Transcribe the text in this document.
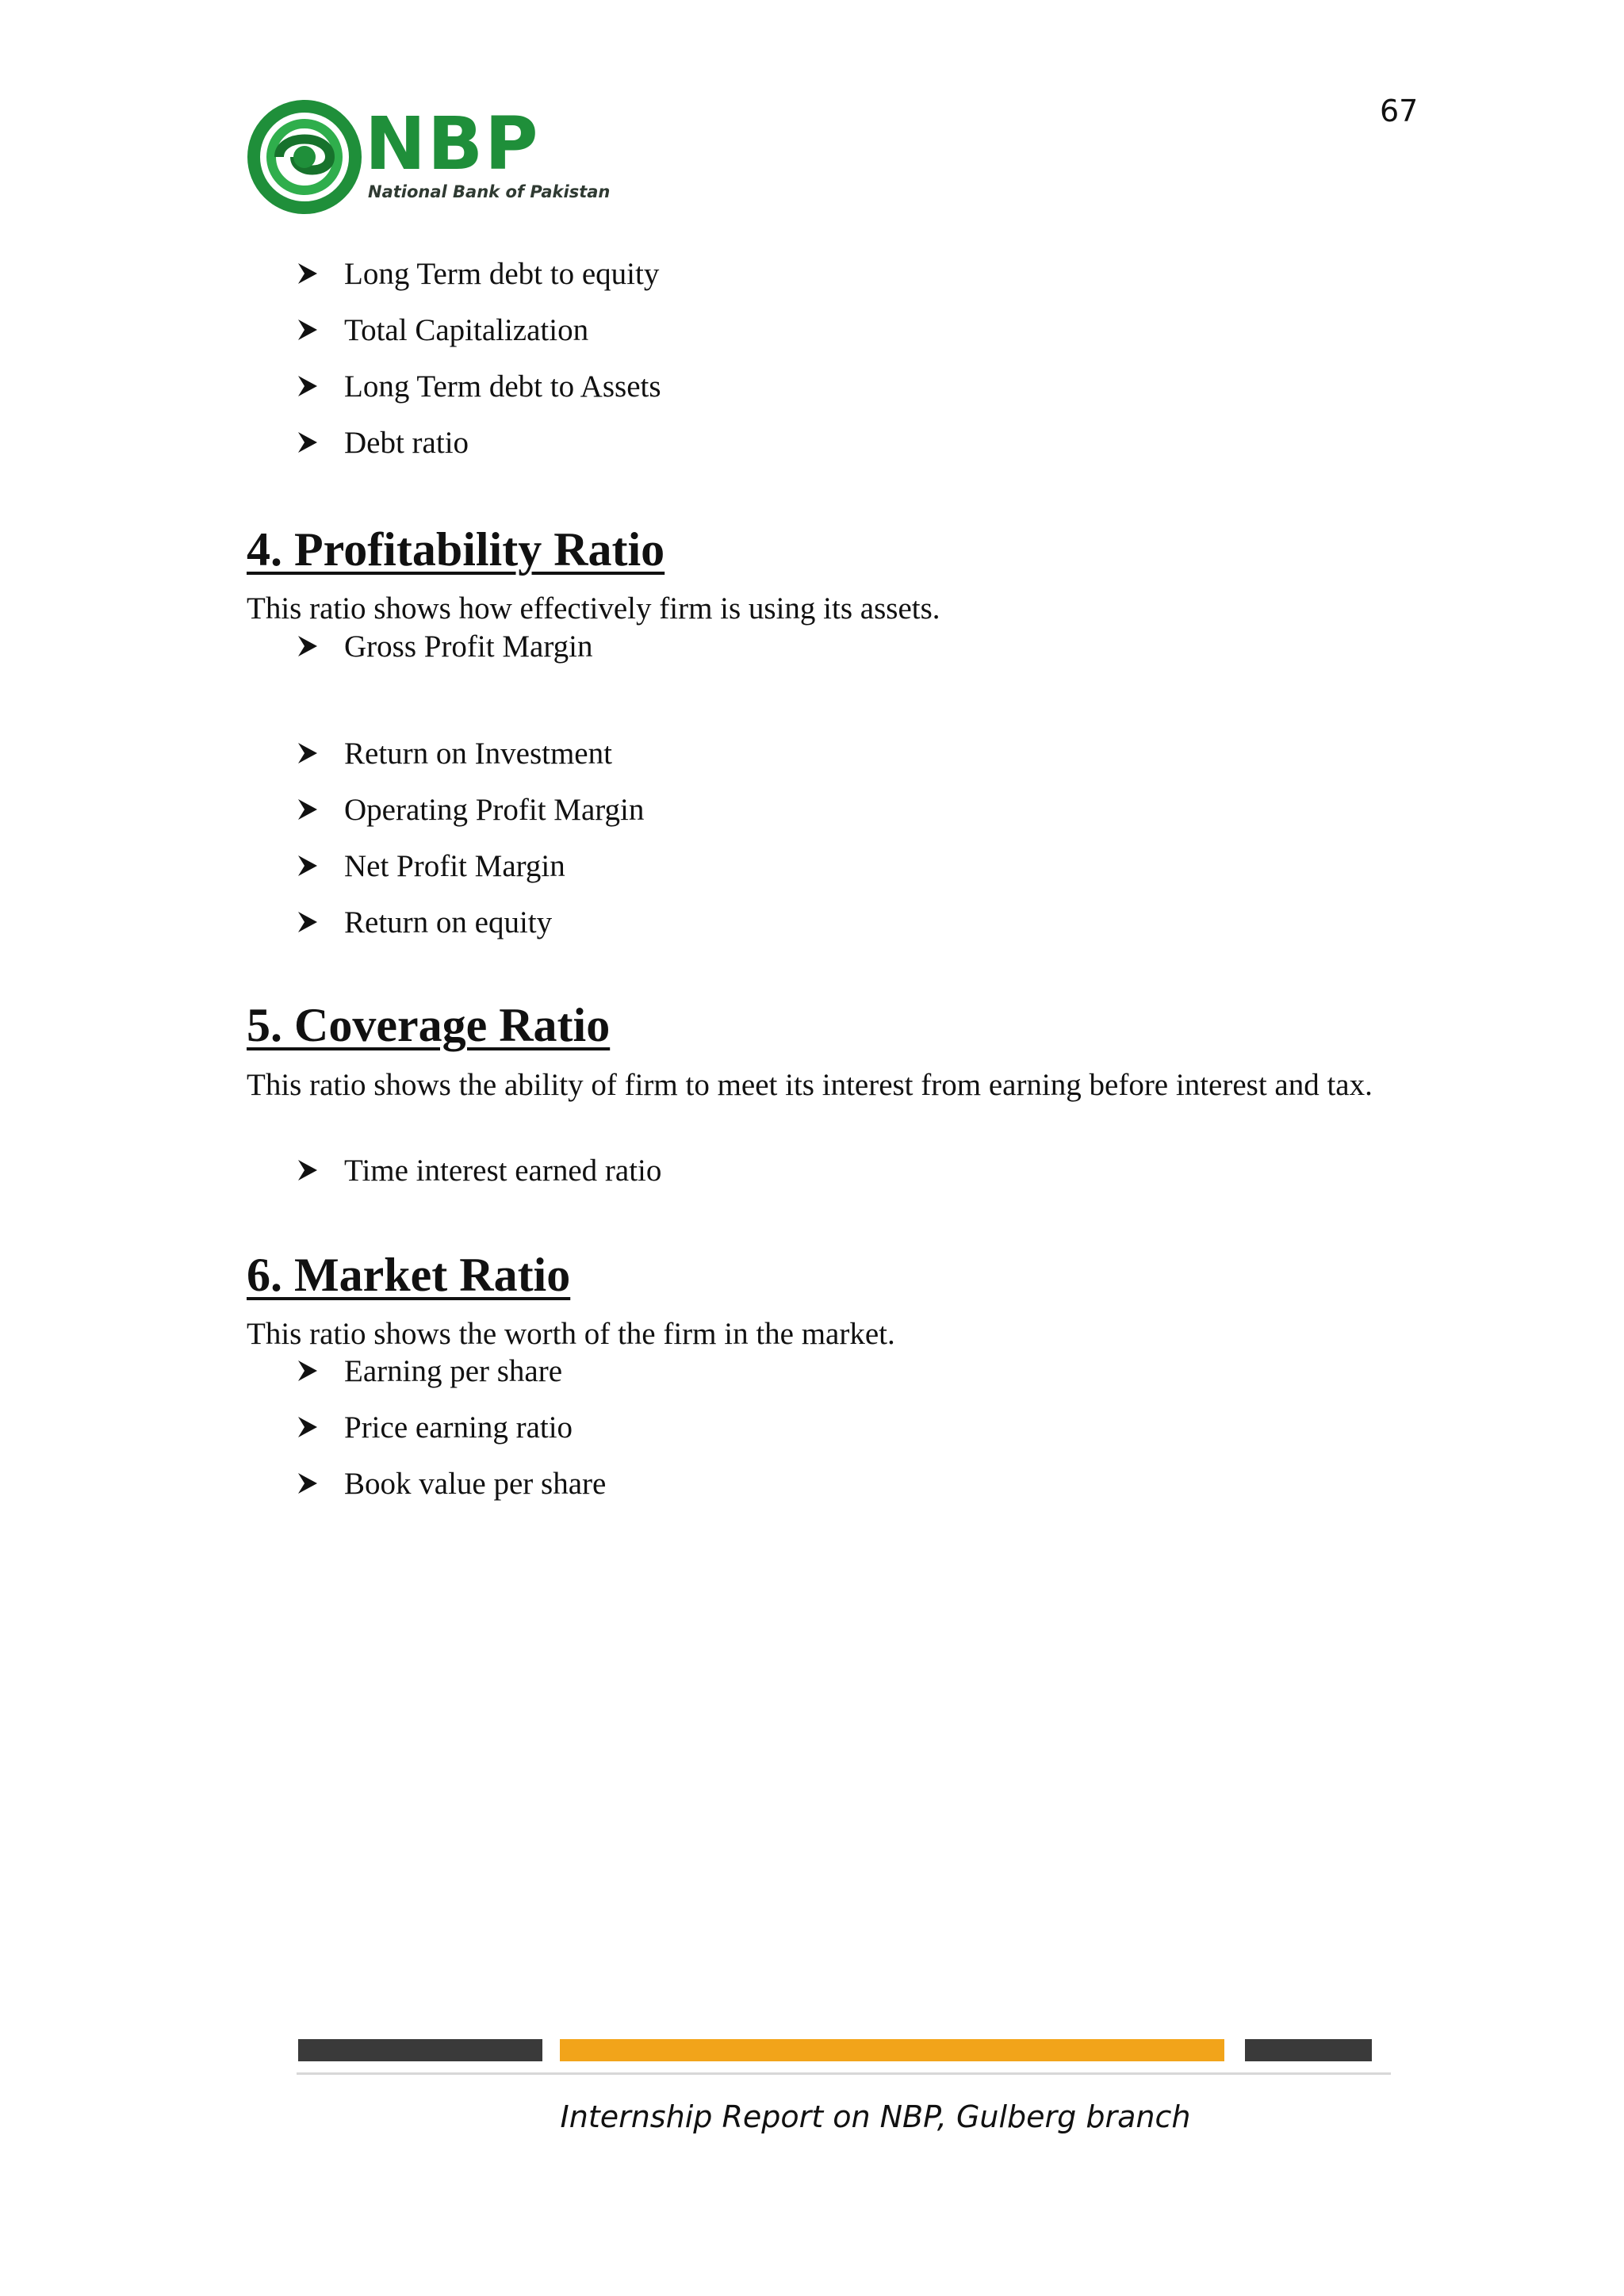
67
NBP
National Bank of Pakistan
Long Term debt to equity
Total Capitalization
Long Term debt to Assets
Debt ratio
4. Profitability Ratio

This ratio shows how effectively firm is using its assets.

Gross Profit Margin
Return on Investment
Operating Profit Margin
Net Profit Margin
Return on equity
5. Coverage Ratio

This ratio shows the ability of firm to meet its interest from earning before interest and tax.

Time interest earned ratio
6. Market Ratio

This ratio shows the worth of the firm in the market.

Earning per share
Price earning ratio
Book value per share
Internship Report on NBP, Gulberg branch
